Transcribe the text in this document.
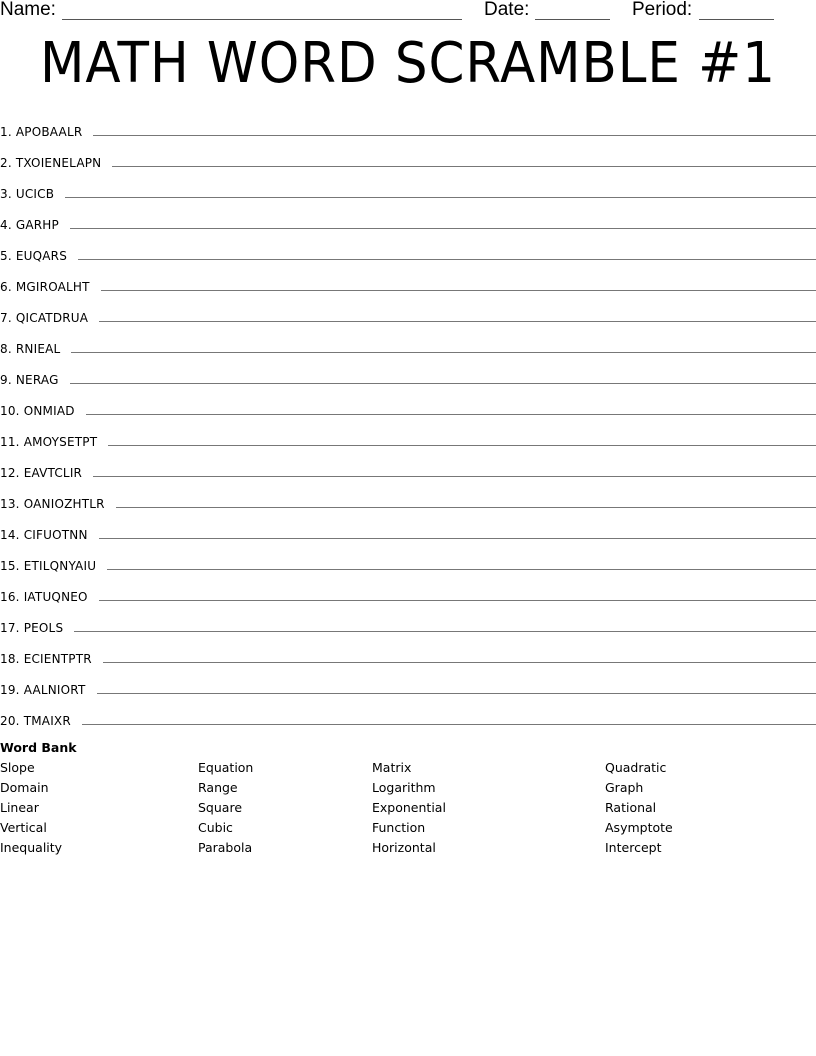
Name:	Date:	Period:
MATH WORD SCRAMBLE #1
1. APOBAALR
2. TXOIENELAPN
3. UCICB
4. GARHP
5. EUQARS
6. MGIROALHT
7. QICATDRUA
8. RNIEAL
9. NERAG
10. ONMIAD
11. AMOYSETPT
12. EAVTCLIR
13. OANIOZHTLR
14. CIFUOTNN
15. ETILQNYAIU
16. IATUQNEO
17. PEOLS
18. ECIENTPTR
19. AALNIORT
20. TMAIXR
Word Bank
Slope
Domain
Linear
Vertical
Inequality
Equation
Range
Square
Cubic
Parabola
Matrix
Logarithm
Exponential
Function
Horizontal
Quadratic
Graph
Rational
Asymptote
Intercept
